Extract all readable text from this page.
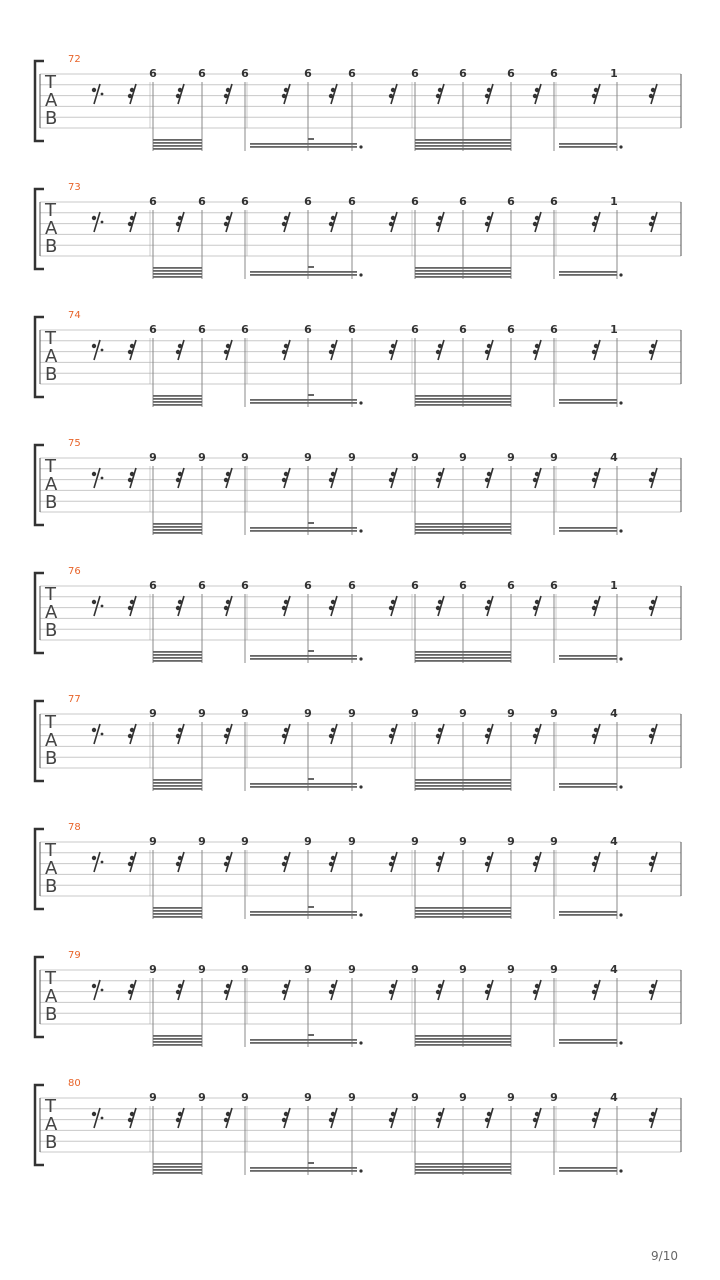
72
T
A
B
6	6	6	6	6	6	6	6	6	1
73
T
A
B
6	6	6	6	6	6	6	6	6	1
74
T
A
B
6	6	6	6	6	6	6	6	6	1
75
T
A
B
9	9	9	9	9	9	9	9	9	4
76
T
A
B
6	6	6	6	6	6	6	6	6	1
77
T
A
B
9	9	9	9	9	9	9	9	9	4
78
T
A
B
9	9	9	9	9	9	9	9	9	4
79
T
A
B
9	9	9	9	9	9	9	9	9	4
80
T
A
B
9	9	9	9	9	9	9	9	9	4
9/10
